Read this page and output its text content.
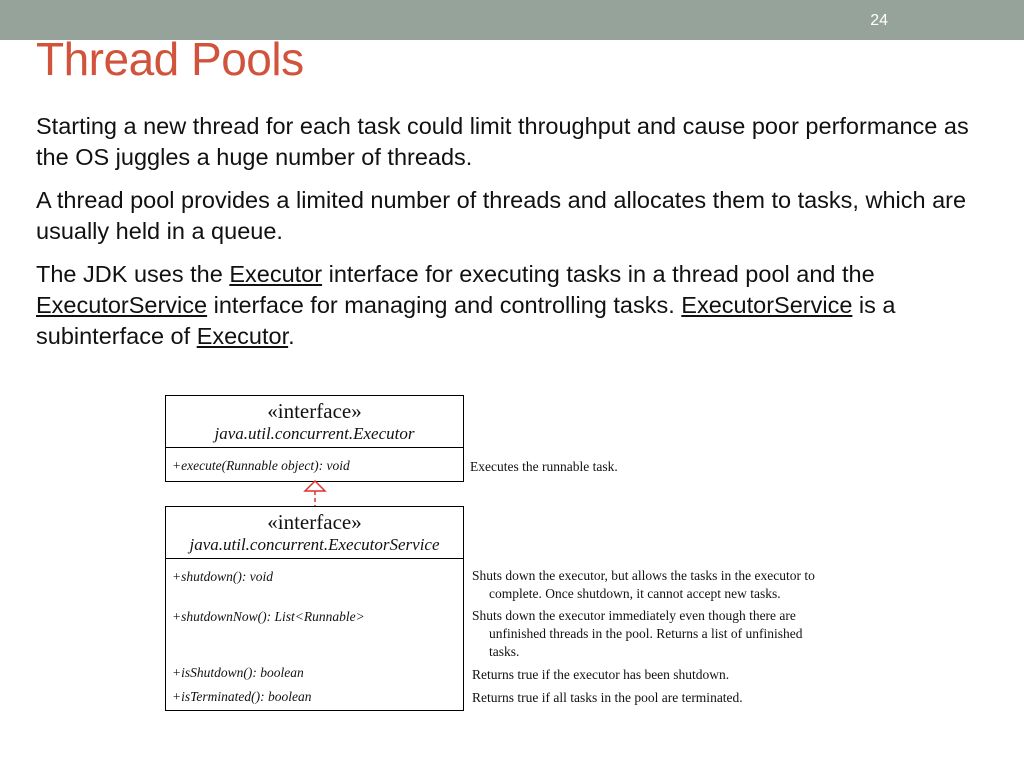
24
Thread Pools

Starting a new thread for each task could limit throughput and cause poor performance as the OS juggles a huge number of threads.

A thread pool provides a limited number of threads and allocates them to tasks, which are usually held in a queue.

The JDK uses the Executor interface for executing tasks in a thread pool and the ExecutorService interface for managing and controlling tasks. ExecutorService is a subinterface of Executor.

«interface»
java.util.concurrent.Executor
+execute(Runnable object): void	Executes the runnable task.
«interface»
java.util.concurrent.ExecutorService
+shutdown(): void
+shutdownNow(): List<Runnable>
+isShutdown(): boolean
+isTerminated(): boolean
Shuts down the executor, but allows the tasks in the executor to
complete. Once shutdown, it cannot accept new tasks.
Shuts down the executor immediately even though there are
unfinished threads in the pool. Returns a list of unfinished
tasks.
Returns true if the executor has been shutdown.
Returns true if all tasks in the pool are terminated.
